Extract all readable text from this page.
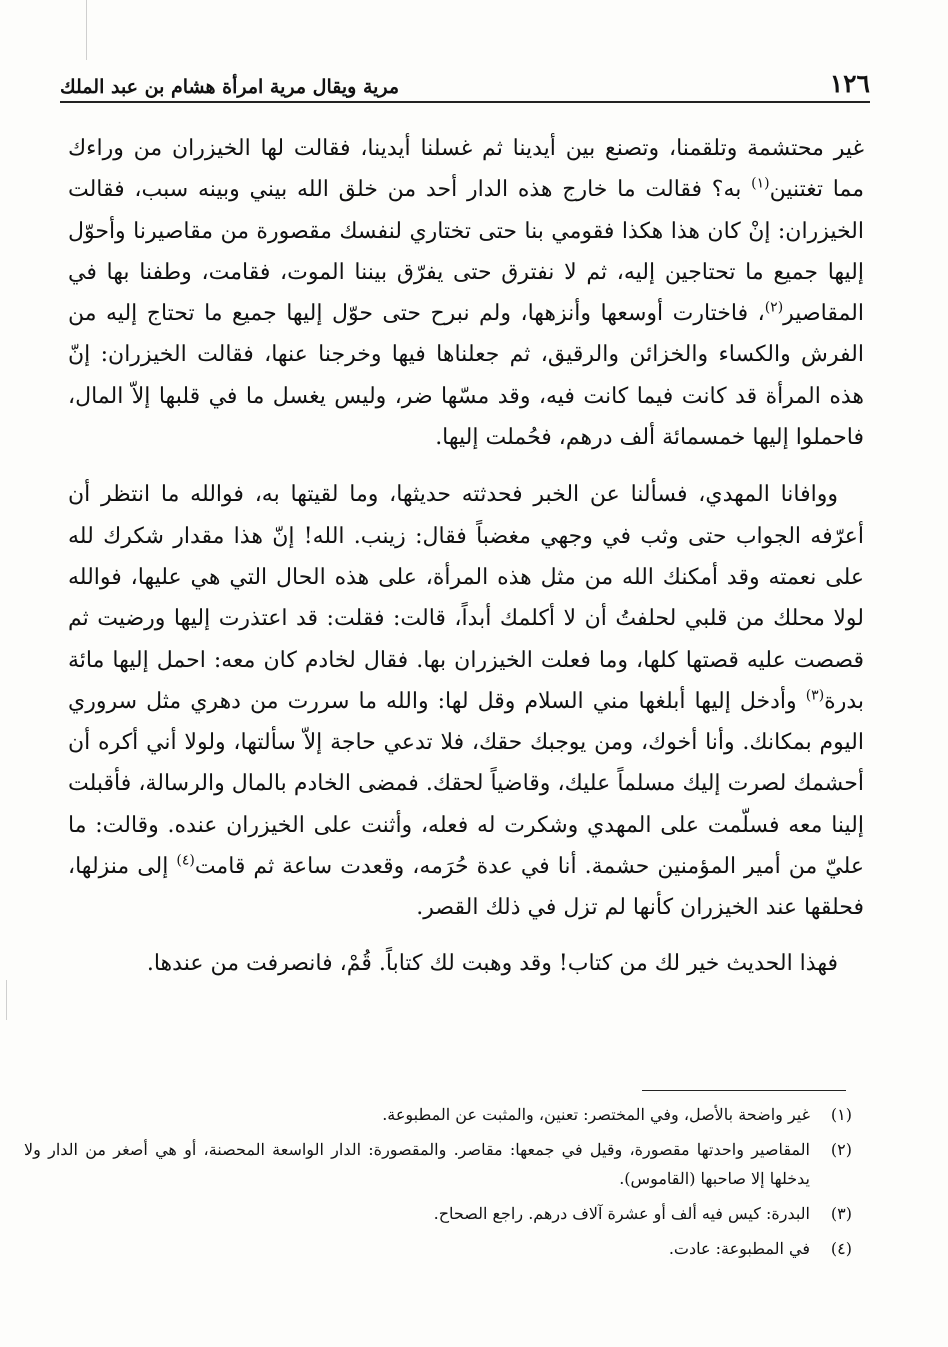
١٢٦
مرية ويقال مرية امرأة هشام بن عبد الملك

غير محتشمة وتلقمنا، وتصنع بين أيدينا ثم غسلنا أيدينا، فقالت لها الخيزران من وراءك مما تغتنين$^{(١)}$ به؟ فقالت ما خارج هذه الدار أحد من خلق الله بيني وبينه سبب، فقالت الخيزران: إنْ كان هذا هكذا فقومي بنا حتى تختاري لنفسك مقصورة من مقاصيرنا وأحوّل إليها جميع ما تحتاجين إليه، ثم لا نفترق حتى يفرّق بيننا الموت، فقامت، وطفنا بها في المقاصير$^{(٢)}$، فاختارت أوسعها وأنزهها، ولم نبرح حتى حوّل إليها جميع ما تحتاج إليه من الفرش والكساء والخزائن والرقيق، ثم جعلناها فيها وخرجنا عنها، فقالت الخيزران: إنّ هذه المرأة قد كانت فيما كانت فيه، وقد مسّها ضر، وليس يغسل ما في قلبها إلاّ المال، فاحملوا إليها خمسمائة ألف درهم، فحُملت إليها.

ووافانا المهدي، فسألنا عن الخبر فحدثته حديثها، وما لقيتها به، فوالله ما انتظر أن أعرّفه الجواب حتى وثب في وجهي مغضباً فقال: زينب. الله! إنّ هذا مقدار شكرك لله على نعمته وقد أمكنك الله من مثل هذه المرأة، على هذه الحال التي هي عليها، فوالله لولا محلك من قلبي لحلفتُ أن لا أكلمك أبداً، قالت: فقلت: قد اعتذرت إليها ورضيت ثم قصصت عليه قصتها كلها، وما فعلت الخيزران بها. فقال لخادم كان معه: احمل إليها مائة بدرة$^{(٣)}$ وأدخل إليها أبلغها مني السلام وقل لها: والله ما سررت من دهري مثل سروري اليوم بمكانك. وأنا أخوك، ومن يوجبك حقك، فلا تدعي حاجة إلاّ سألتها، ولولا أني أكره أن أحشمك لصرت إليك مسلماً عليك، وقاضياً لحقك. فمضى الخادم بالمال والرسالة، فأقبلت إلينا معه فسلّمت على المهدي وشكرت له فعله، وأثنت على الخيزران عنده. وقالت: ما عليّ من أمير المؤمنين حشمة. أنا في عدة حُرَمه، وقعدت ساعة ثم قامت$^{(٤)}$ إلى منزلها، فحلقها عند الخيزران كأنها لم تزل في ذلك القصر.

فهذا الحديث خير لك من كتاب! وقد وهبت لك كتاباً. قُمْ، فانصرفت من عندها.

(١)
غير واضحة بالأصل، وفي المختصر: تعنين، والمثبت عن المطبوعة.
(٢)
المقاصير واحدتها مقصورة، وقيل في جمعها: مقاصر. والمقصورة: الدار الواسعة المحصنة، أو هي أصغر من الدار ولا يدخلها إلا صاحبها (القاموس).
(٣)
البدرة: كيس فيه ألف أو عشرة آلاف درهم. راجع الصحاح.
(٤)
في المطبوعة: عادت.
